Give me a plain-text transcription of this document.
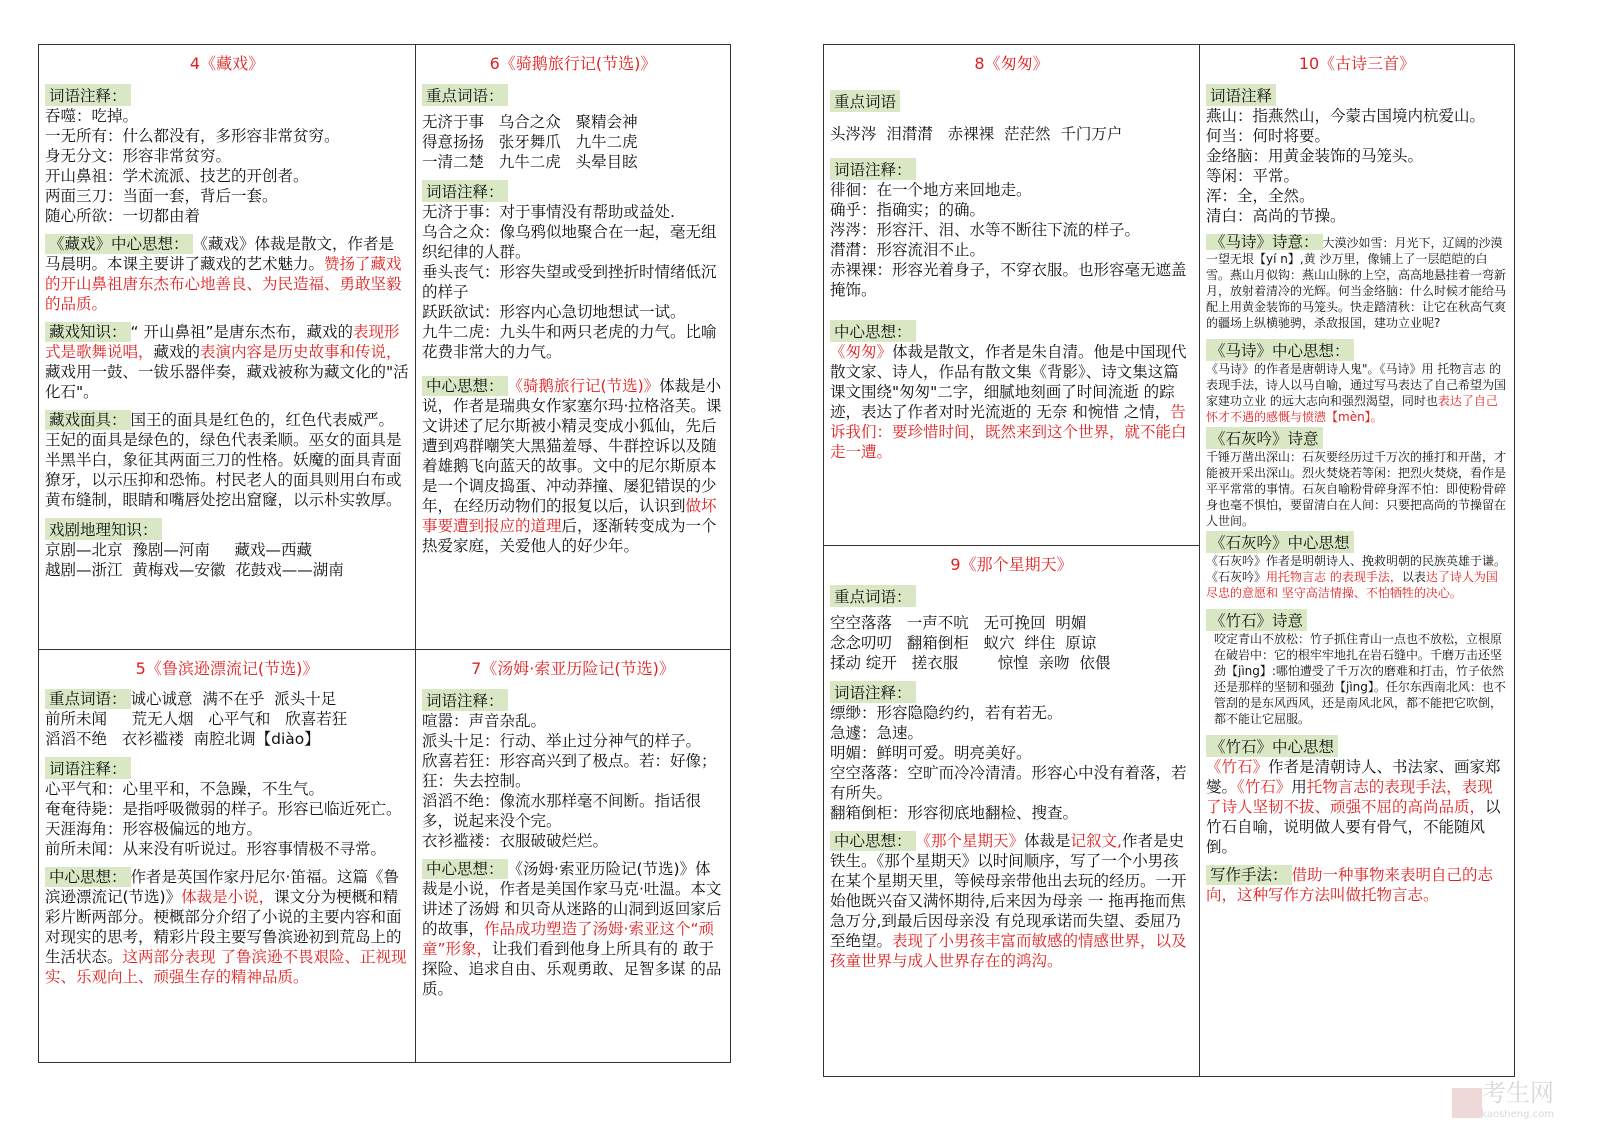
4《藏戏》
词语注释：
吞噬：吃掉。
一无所有：什么都没有，多形容非常贫穷。
身无分文：形容非常贫穷。
开山鼻祖：学术流派、技艺的开创者。
两面三刀：当面一套，背后一套。
随心所欲：一切都由着
《藏戏》中心思想： 《藏戏》体裁是散文，作者是马晨明。本课主要讲了藏戏的艺术魅力。赞扬了藏戏的开山鼻祖唐东杰布心地善良、为民造福、勇敢坚毅的品质。
藏戏知识： “ 开山鼻祖”是唐东杰布，藏戏的表现形式是歌舞说唱，藏戏的表演内容是历史故事和传说，藏戏用一鼓、一钹乐器伴奏，藏戏被称为藏文化的"活化石"。
藏戏面具： 国王的面具是红色的，红色代表威严。王妃的面具是绿色的，绿色代表柔顺。巫女的面具是半黑半白，象征其两面三刀的性格。妖魔的面具青面獠牙，以示压抑和恐怖。村民老人的面具则用白布或黄布缝制，眼睛和嘴唇处挖出窟窿，以示朴实敦厚。
戏剧地理知识：
京剧—北京  豫剧—河南     藏戏—西藏
越剧—浙江  黄梅戏—安徽  花鼓戏——湖南
6《骑鹅旅行记(节选)》
重点词语：
无济于事   乌合之众   聚精会神
得意扬扬   张牙舞爪   九牛二虎
一清二楚   九牛二虎   头晕目眩
词语注释：
无济于事：对于事情没有帮助或益处.
乌合之众：像乌鸦似地聚合在一起，毫无组织纪律的人群。
垂头丧气：形容失望或受到挫折时情绪低沉的样子
跃跃欲试：形容内心急切地想试一试。
九牛二虎：九头牛和两只老虎的力气。比喻花费非常大的力气。
中心思想： 《骑鹅旅行记(节选)》体裁是小说，作者是瑞典女作家塞尔玛·拉格洛芙。课文讲述了尼尔斯被小精灵变成小狐仙，先后遭到鸡群嘲笑大黑猫羞辱、牛群控诉以及随着雄鹅飞向蓝天的故事。文中的尼尔斯原本是一个调皮捣蛋、冲动莽撞、屡犯错误的少年，在经历动物们的报复以后，认识到做坏事要遭到报应的道理后，逐渐转变成为一个热爱家庭，关爱他人的好少年。
5《鲁滨逊漂流记(节选)》
重点词语： 诚心诚意  满不在乎  派头十足
前所未闻     荒无人烟   心平气和   欣喜若狂
滔滔不绝   衣衫褴褛  南腔北调【diào】
词语注释：
心平气和：心里平和，不急躁，不生气。
奄奄待毙：是指呼吸微弱的样子。形容已临近死亡。
天涯海角：形容极偏远的地方。
前所未闻：从来没有听说过。形容事情极不寻常。
中心思想： 作者是英国作家丹尼尔·笛福。这篇《鲁滨逊漂流记(节选)》体裁是小说，课文分为梗概和精彩片断两部分。梗概部分介绍了小说的主要内容和面对现实的思考，精彩片段主要写鲁滨逊初到荒岛上的生活状态。这两部分表现 了鲁滨逊不畏艰险、正视现实、乐观向上、顽强生存的精神品质。
7《汤姆·索亚历险记(节选)》
词语注释：
喧嚣：声音杂乱。
派头十足：行动、举止过分神气的样子。
欣喜若狂：形容高兴到了极点。若：好像；狂：失去控制。
滔滔不绝：像流水那样毫不间断。指话很多，说起来没个完。
衣衫褴褛：衣服破破烂烂。
中心思想： 《汤姆·索亚历险记(节选)》体裁是小说，作者是美国作家马克·吐温。本文讲述了汤姆 和贝奇从迷路的山洞到返回家后的故事，作品成功塑造了汤姆·索亚这个“顽童”形象，让我们看到他身上所具有的 敢于探险、追求自由、乐观勇敢、足智多谋 的品质。
8《匆匆》
重点词语
头涔涔  泪潸潸   赤裸裸  茫茫然  千门万户
词语注释：
徘徊：在一个地方来回地走。
确乎：指确实；的确。
涔涔：形容汗、泪、水等不断往下流的样子。
潸潸：形容流泪不止。
赤裸裸：形容光着身子，不穿衣服。也形容毫无遮盖掩饰。
中心思想：
《匆匆》体裁是散文，作者是朱自清。他是中国现代散文家、诗人，作品有散文集《背影》、诗文集这篇课文围绕"匆匆"二字，细腻地刻画了时间流逝 的踪迹，表达了作者对时光流逝的 无奈 和惋惜 之情，告诉我们：要珍惜时间，既然来到这个世界，就不能白走一遭。
9《那个星期天》
重点词语：
空空落落   一声不吭   无可挽回  明媚
念念叨叨   翻箱倒柜   蚁穴  绊住  原谅
揉动 绽开   搓衣服        惊惶  亲吻  依偎
词语注释：
缥缈：形容隐隐约约，若有若无。
急遽：急速。
明媚：鲜明可爱。明亮美好。
空空落落：空旷而冷冷清清。形容心中没有着落，若有所失。
翻箱倒柜：形容彻底地翻检、搜查。
中心思想： 《那个星期天》体裁是记叙文,作者是史铁生。《那个星期天》以时间顺序，写了一个小男孩在某个星期天里，等候母亲带他出去玩的经历。一开始他既兴奋又满怀期待,后来因为母亲 一 拖再拖而焦急万分,到最后因母亲没 有兑现承诺而失望、委屈乃至绝望。表现了小男孩丰富而敏感的情感世界，以及孩童世界与成人世界存在的鸿沟。
10《古诗三首》
词语注释
燕山：指燕然山，今蒙古国境内杭爱山。
何当：何时将要。
金络脑：用黄金装饰的马笼头。
等闲：平常。
浑：全，全然。
清白：高尚的节操。
《马诗》诗意： 大漠沙如雪：月光下，辽阔的沙漠一望无垠【yí n】,黄 沙万里，像铺上了一层皑皑的白雪。燕山月似钩：燕山山脉的上空，高高地悬挂着一弯新月，放射着清冷的光辉。何当金络脑：什么时候才能给马配上用黄金装饰的马笼头。快走踏清秋：让它在秋高气爽的疆场上纵横驰骋，杀敌报国，建功立业呢?
《马诗》中心思想：
《马诗》的作者是唐朝诗人鬼"。《马诗》用 托物言志 的表现手法，诗人以马自喻，通过写马表达了自己希望为国家建功立业 的远大志向和强烈渴望，同时也表达了自己 怀才不遇的感慨与愤懑【mèn】。
《石灰吟》诗意
千锤万凿出深山：石灰要经历过千万次的捶打和开凿，才能被开采出深山。烈火焚烧若等闲：把烈火焚烧，看作是平平常常的事情。石灰自喻粉骨碎身浑不怕：即使粉骨碎身也毫不惧怕，要留清白在人间：只要把高尚的节操留在人世间。
《石灰吟》中心思想
《石灰吟》作者是明朝诗人、挽救明朝的民族英雄于谦。《石灰吟》用托物言志 的表现手法，以表达了诗人为国尽忠的意愿和 坚守高洁情操、不怕牺牲的决心。
《竹石》诗意
咬定青山不放松：竹子抓住青山一点也不放松，立根原在破岩中：它的根牢牢地扎在岩石缝中。千磨万击还坚劲【jìng】:哪怕遭受了千万次的磨难和打击，竹子依然还是那样的坚韧和强劲【jìng】。任尔东西南北风：也不管刮的是东风西风，还是南风北风，都不能把它吹倒，都不能让它屈服。
《竹石》中心思想
《竹石》作者是清朝诗人、书法家、画家郑燮。《竹石》用托物言志的表现手法，表现了诗人坚韧不拔、顽强不屈的高尚品质，以竹石自喻，说明做人要有骨气，不能随风倒。
写作手法： 借助一种事物来表明自己的志向，这种写作方法叫做托物言志。
考生网
kaosheng.com
